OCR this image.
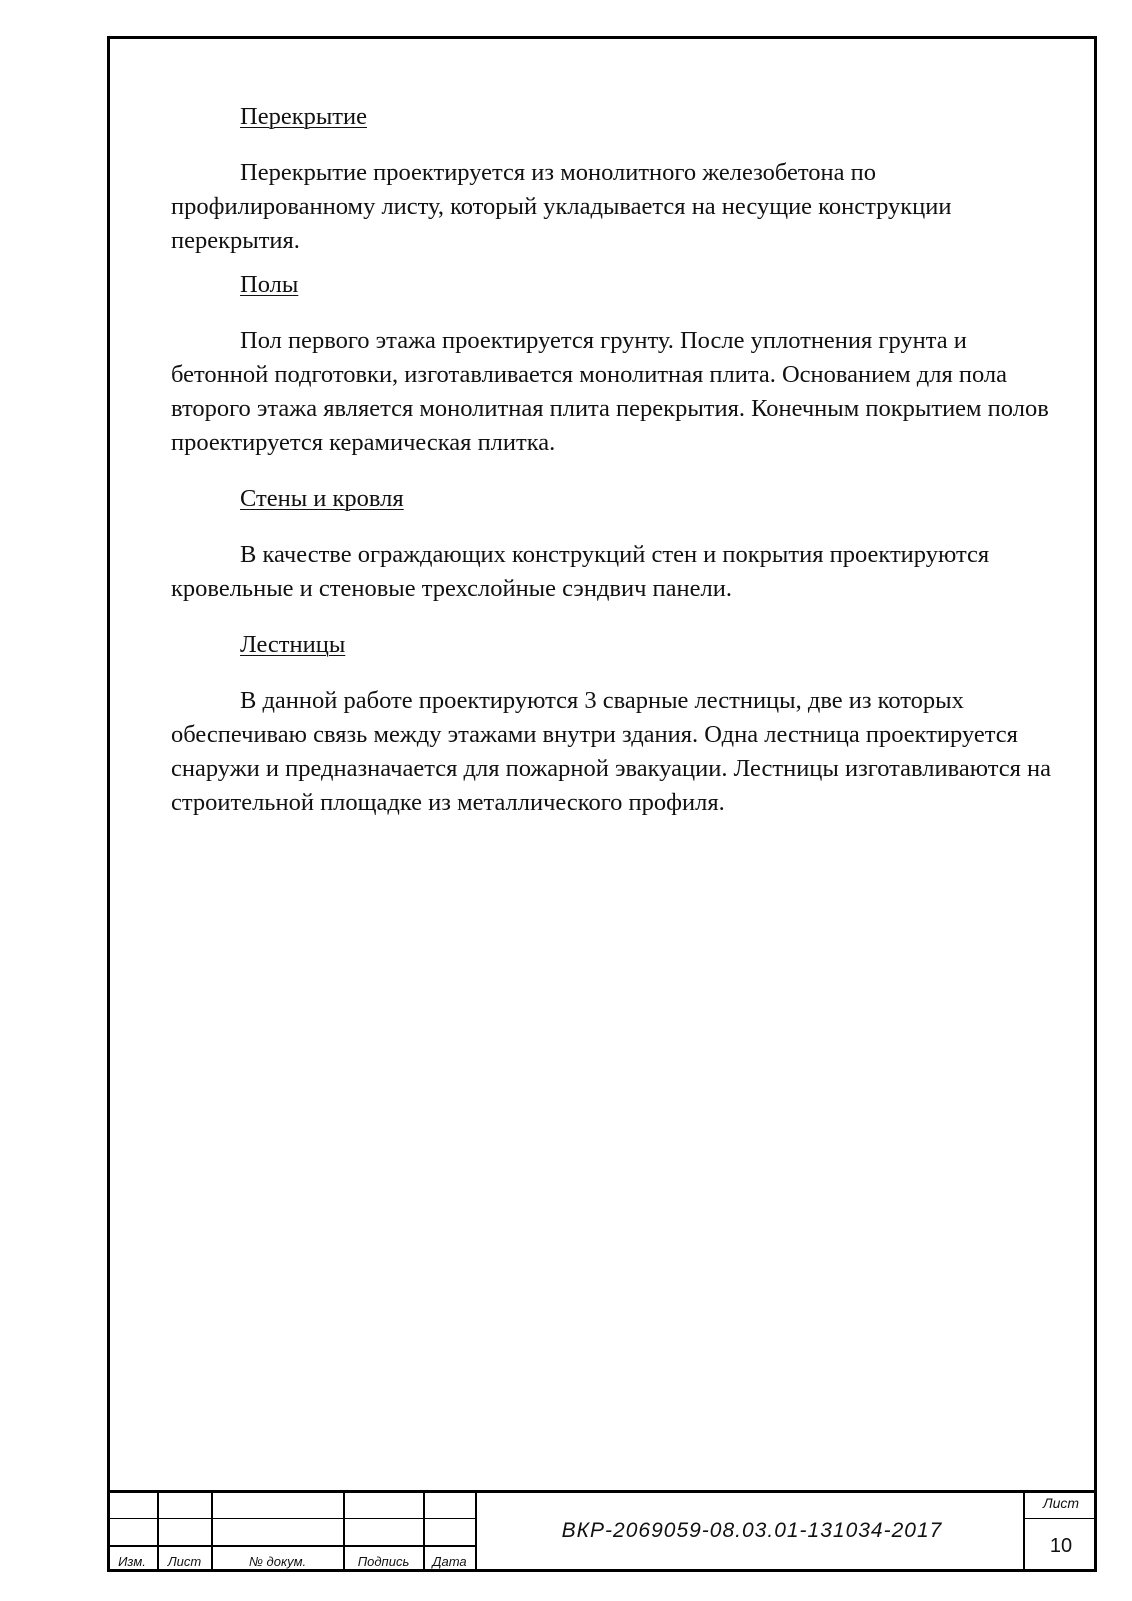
Перекрытие

Перекрытие проектируется из монолитного железобетона по профилированному листу, который укладывается на несущие конструкции перекрытия.

Полы

Пол первого этажа проектируется грунту. После уплотнения грунта и бетонной подготовки, изготавливается монолитная плита. Основанием для пола второго этажа является монолитная плита перекрытия. Конечным покрытием полов проектируется керамическая плитка.

Стены и кровля

В качестве ограждающих конструкций стен и покрытия проектируются кровельные и стеновые трехслойные сэндвич панели.

Лестницы

В данной работе проектируются 3 сварные лестницы, две из которых обеспечиваю связь между этажами внутри здания. Одна лестница проектируется снаружи и предназначается для пожарной эвакуации. Лестницы изготавливаются на строительной площадке из металлического профиля.

Изм.	Лист	№ докум.	Подпись	Дата
ВКР-2069059-08.03.01-131034-2017
Лист
10
